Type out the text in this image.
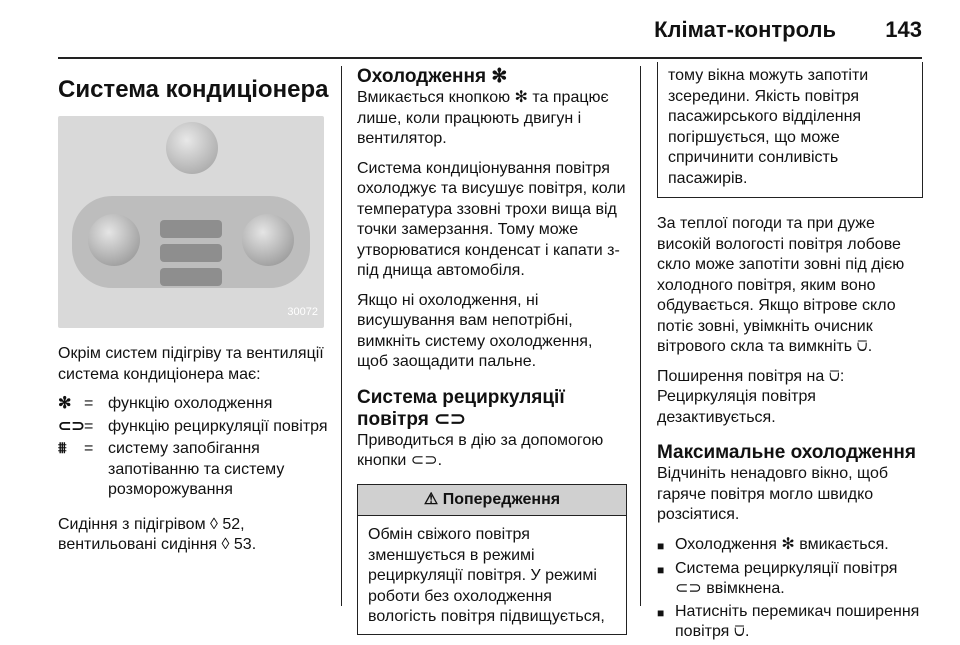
Клімат-контроль 143
Система кондиціонера
30072

Окрім систем підігріву та вентиляції система кондиціонера має:

✻ = функцію охолодження
⊂⊃ = функцію рециркуляції повітря
⩩	= систему запобігання запотіванню та систему розморожування

Сидіння з підігрівом ◊ 52, вентильовані сидіння ◊ 53.

Охолодження ✻

Вмикається кнопкою ✻ та працює лише, коли працюють двигун і вентилятор.

Система кондиціонування повітря охолоджує та висушує повітря, коли температура ззовні трохи вища від точки замерзання. Тому може утворюватися конденсат і капати з-під днища автомобіля.

Якщо ні охолодження, ні висушування вам непотрібні, вимкніть систему охолодження, щоб заощадити пальне.

Система рециркуляції повітря ⊂⊃

Приводиться в дію за допомогою кнопки ⊂⊃.

⚠ Попередження
Обмін свіжого повітря зменшується в режимі рециркуляції повітря. У режимі роботи без охолодження вологість повітря підвищується,
тому вікна можуть запотіти зсередини. Якість повітря пасажирського відділення погіршується, що може спричинити сонливість пасажирів.

За теплої погоди та при дуже високій вологості повітря лобове скло може запотіти зовні під дією холодного повітря, яким воно обдувається. Якщо вітрове скло потіє зовні, увімкніть очисник вітрового скла та вимкніть ⩂.

Поширення повітря на ⩂: Рециркуляція повітря дезактивується.

Максимальне охолодження

Відчиніть ненадовго вікно, щоб гаряче повітря могло швидко розсіятися.

■ Охолодження ✻ вмикається.
■ Система рециркуляції повітря ⊂⊃ ввімкнена.
■ Натисніть перемикач поширення повітря ⩂.
